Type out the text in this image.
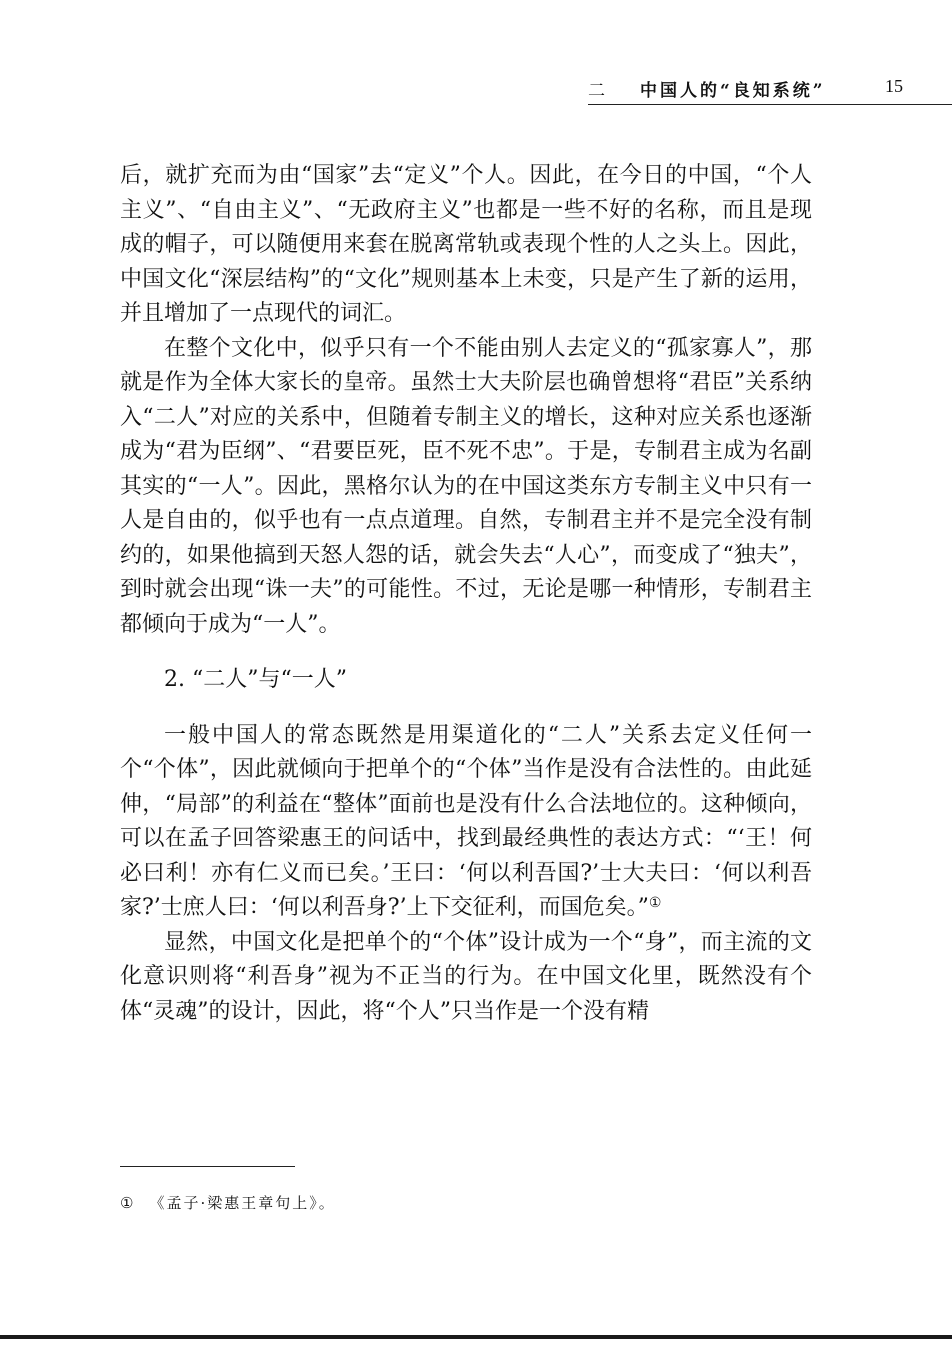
二 中国人的“良知系统”	15

后，就扩充而为由“国家”去“定义”个人。因此，在今日的中国，“个人主义”、“自由主义”、“无政府主义”也都是一些不好的名称，而且是现成的帽子，可以随便用来套在脱离常轨或表现个性的人之头上。因此，中国文化“深层结构”的“文化”规则基本上未变，只是产生了新的运用，并且增加了一点现代的词汇。

在整个文化中，似乎只有一个不能由别人去定义的“孤家寡人”，那就是作为全体大家长的皇帝。虽然士大夫阶层也确曾想将“君臣”关系纳入“二人”对应的关系中，但随着专制主义的增长，这种对应关系也逐渐成为“君为臣纲”、“君要臣死，臣不死不忠”。于是，专制君主成为名副其实的“一人”。因此，黑格尔认为的在中国这类东方专制主义中只有一人是自由的，似乎也有一点点道理。自然，专制君主并不是完全没有制约的，如果他搞到天怒人怨的话，就会失去“人心”，而变成了“独夫”，到时就会出现“诛一夫”的可能性。不过，无论是哪一种情形，专制君主都倾向于成为“一人”。

2. “二人”与“一人”

一般中国人的常态既然是用渠道化的“二人”关系去定义任何一个“个体”，因此就倾向于把单个的“个体”当作是没有合法性的。由此延伸，“局部”的利益在“整体”面前也是没有什么合法地位的。这种倾向，可以在孟子回答梁惠王的问话中，找到最经典性的表达方式：“‘王！何必曰利！亦有仁义而已矣。’王曰：‘何以利吾国?’士大夫曰：‘何以利吾家?’士庶人曰：‘何以利吾身?’上下交征利，而国危矣。”①

显然，中国文化是把单个的“个体”设计成为一个“身”，而主流的文化意识则将“利吾身”视为不正当的行为。在中国文化里，既然没有个体“灵魂”的设计，因此，将“个人”只当作是一个没有精

① 《孟子·梁惠王章句上》。
